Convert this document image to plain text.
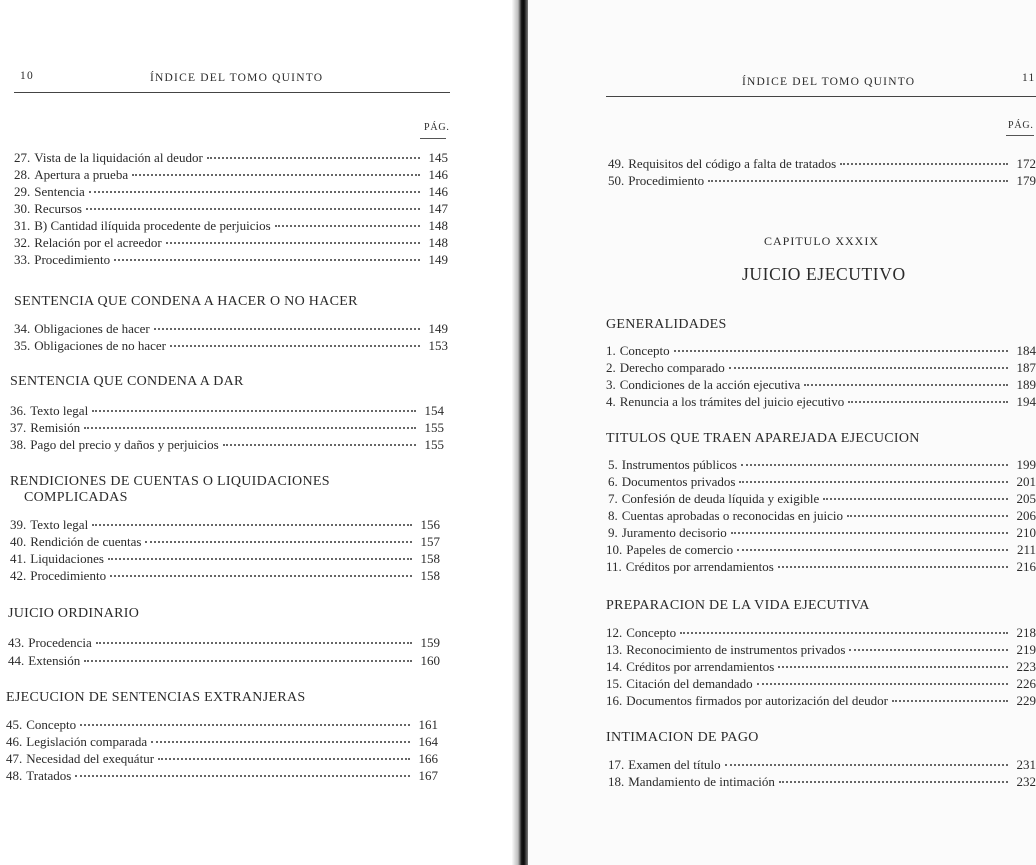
10	ÍNDICE DEL TOMO QUINTO
PÁG.
27. Vista de la liquidación al deudor	145
28. Apertura a prueba	146
29. Sentencia	146
30. Recursos	147
31. B) Cantidad ilíquida procedente de perjuicios	148
32. Relación por el acreedor	148
33. Procedimiento	149
SENTENCIA QUE CONDENA A HACER O NO HACER
34. Obligaciones de hacer	149
35. Obligaciones de no hacer	153
SENTENCIA QUE CONDENA A DAR
36. Texto legal	154
37. Remisión	155
38. Pago del precio y daños y perjuicios	155
RENDICIONES DE CUENTAS O LIQUIDACIONES
COMPLICADAS
39. Texto legal	156
40. Rendición de cuentas	157
41. Liquidaciones	158
42. Procedimiento	158
JUICIO ORDINARIO
43. Procedencia	159
44. Extensión	160
EJECUCION DE SENTENCIAS EXTRANJERAS
45. Concepto	161
46. Legislación comparada	164
47. Necesidad del exequátur	166
48. Tratados	167
ÍNDICE DEL TOMO QUINTO	11
PÁG.
49. Requisitos del código a falta de tratados	172
50. Procedimiento	179
CAPITULO XXXIX
JUICIO EJECUTIVO
GENERALIDADES
1. Concepto	184
2. Derecho comparado	187
3. Condiciones de la acción ejecutiva	189
4. Renuncia a los trámites del juicio ejecutivo	194
TITULOS QUE TRAEN APAREJADA EJECUCION
5. Instrumentos públicos	199
6. Documentos privados	201
7. Confesión de deuda líquida y exigible	205
8. Cuentas aprobadas o reconocidas en juicio	206
9. Juramento decisorio	210
10. Papeles de comercio	211
11. Créditos por arrendamientos	216
PREPARACION DE LA VIDA EJECUTIVA
12. Concepto	218
13. Reconocimiento de instrumentos privados	219
14. Créditos por arrendamientos	223
15. Citación del demandado	226
16. Documentos firmados por autorización del deudor	229
INTIMACION DE PAGO
17. Examen del título	231
18. Mandamiento de intimación	232
